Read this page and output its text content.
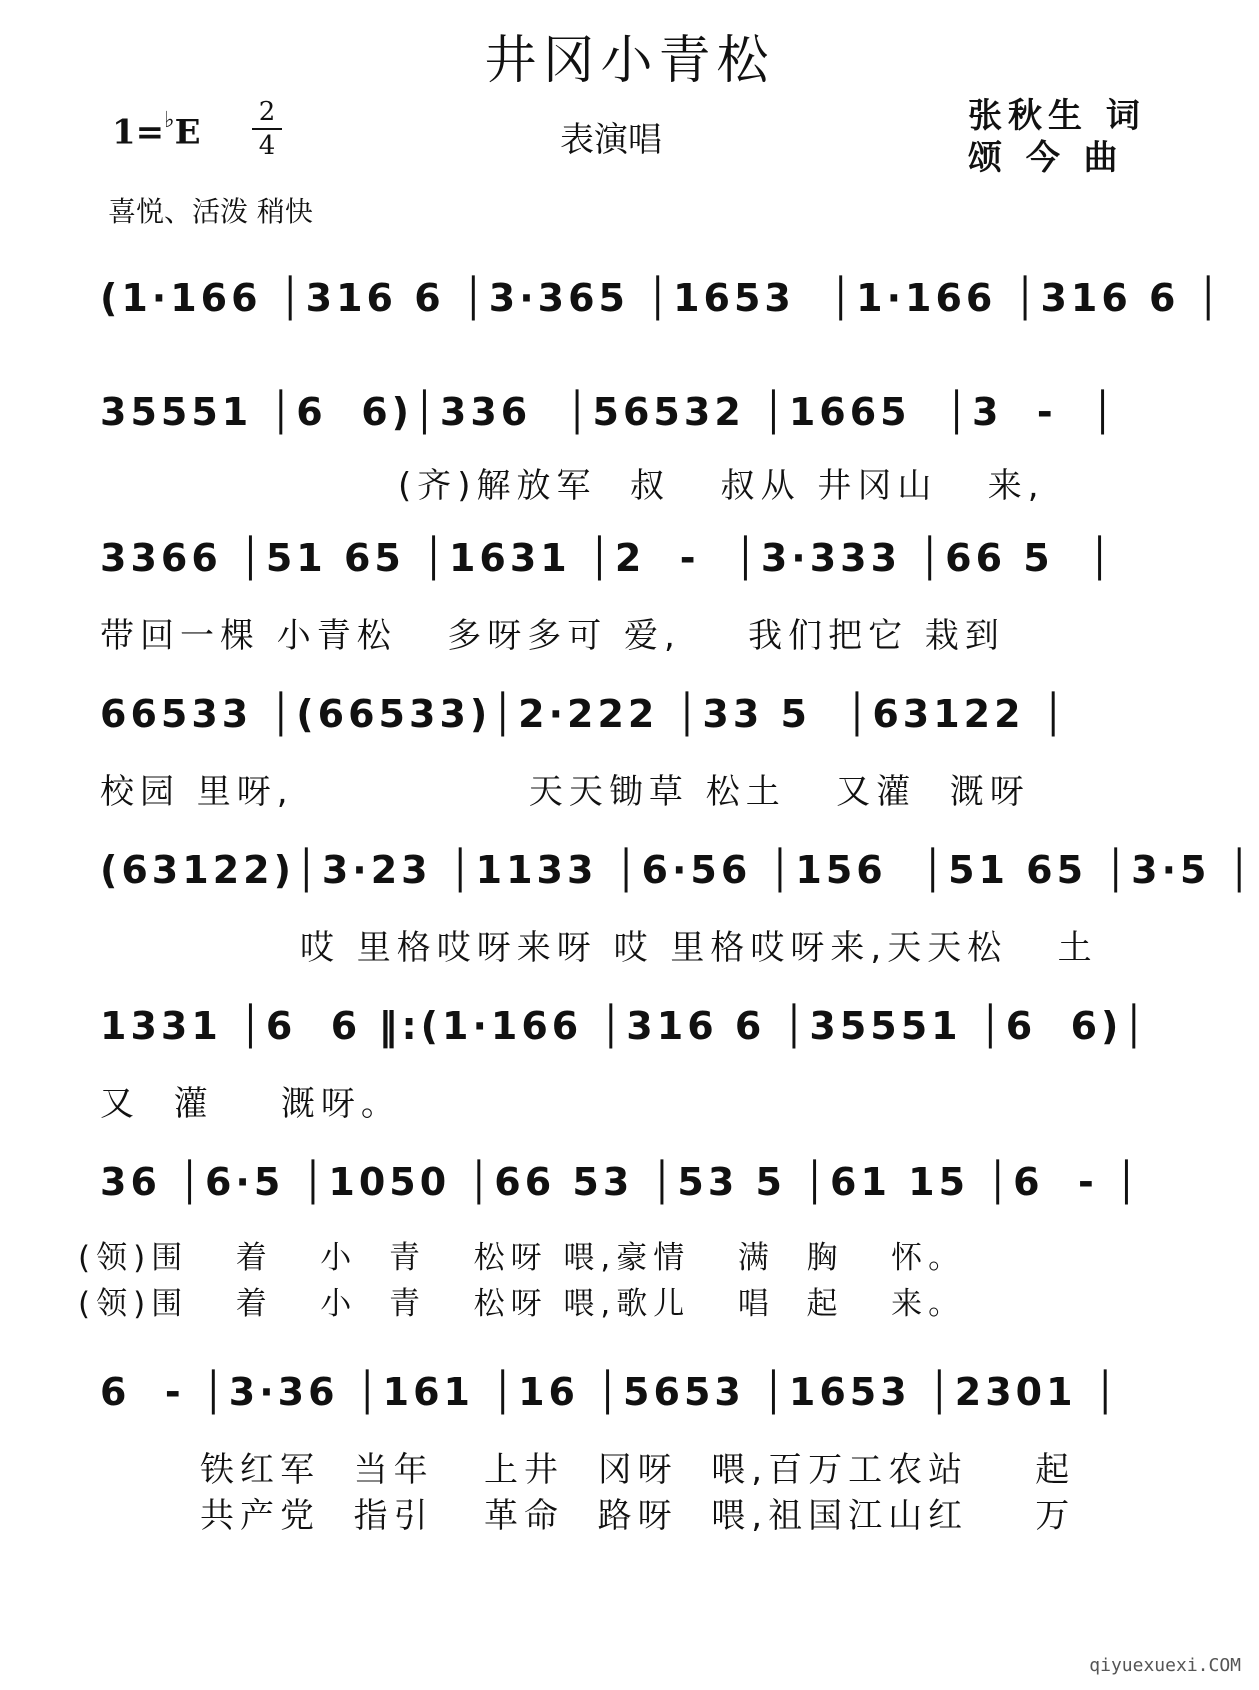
井冈小青松
1=♭E
2
4	表演唱
张秋生 词
颂 今 曲
喜悦、活泼 稍快
(1·166 │316 6 │3·365 │1653  │1·166 │316 6 │
35551 │6  6)│336  │56532 │1665  │3  -  │
(齐)解放军  叔   叔从 井冈山   来,
3366 │51 65 │1631 │2  -  │3·333 │66 5  │
带回一棵 小青松   多呀多可 爱,    我们把它 栽到
66533 │(66533)│2·222 │33 5  │63122 │
校园 里呀,              天天锄草 松土   又灌  溉呀
(63122)│3·23 │1133 │6·56 │156  │51 65 │3·5 │
哎 里格哎呀来呀 哎 里格哎呀来,天天松   土
1331 │6  6 ‖:(1·166 │316 6 │35551 │6  6)│
又  灌    溉呀。
36 │6·5 │1050 │66 53 │53 5 │61 15 │6  - │
(领)围   着   小  青   松呀 喂,豪情   满  胸   怀。
(领)围   着   小  青   松呀 喂,歌儿   唱  起   来。
6  - │3·36 │161 │16 │5653 │1653 │2301 │
铁红军  当年   上井  冈呀  喂,百万工农站    起
共产党  指引   革命  路呀  喂,祖国江山红    万
qiyuexuexi.COM
